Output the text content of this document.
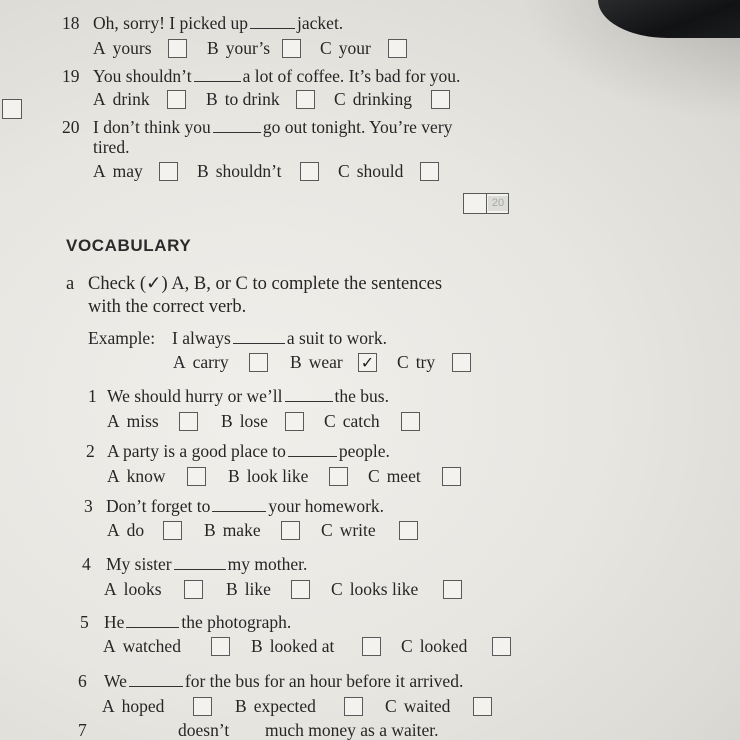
18 Oh, sorry! I picked up	jacket.
A yours	B your’s	C your
19 You shouldn’t	a lot of coffee. It’s bad for you.
A drink	B to drink	C drinking
20 I don’t think you	go out tonight. You’re very
tired.
A may	B shouldn’t	C should
20
VOCABULARY
a Check (✓) A, B, or C to complete the sentences
with the correct verb.
Example: I always	a suit to work.
A carry	B wear ✓ C try
1 We should hurry or we’ll	the bus.
A miss	B lose	C catch
2 A party is a good place to	people.
A know	B look like	C meet
3 Don’t forget to	your homework.
A do	B make	C write
4 My sister	my mother.
A looks	B like	C looks like
5 He	the photograph.
A watched	B looked at	C looked
6 We	for the bus for an hour before it arrived.
A hoped	B expected	C waited
7	doesn’t much money as a waiter.
